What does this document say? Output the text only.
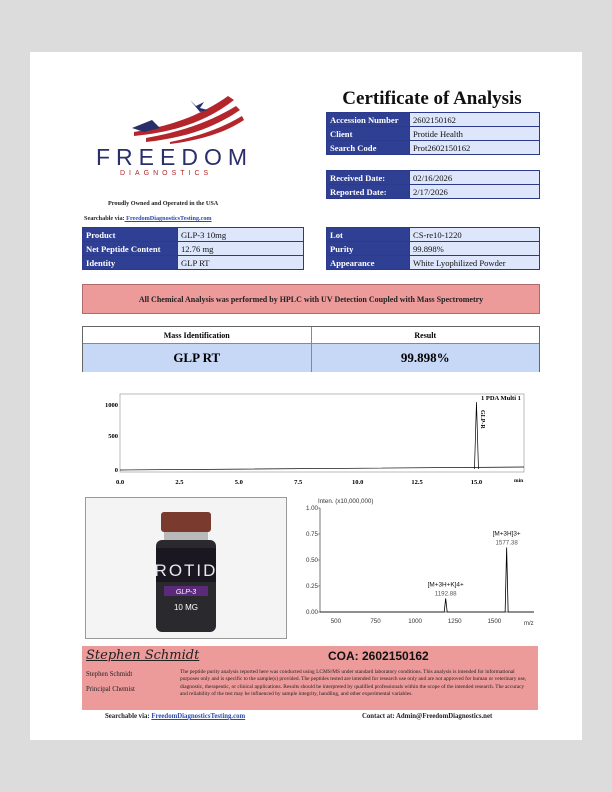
FREEDOM
DIAGNOSTICS
Proudly Owned and Operated in the USA
Searchable via: FreedomDiagnosticsTesting.com
Certificate of Analysis
Accession Number	2602150162
Client	Protide Health
Search Code	Prot2602150162
Received Date:	02/16/2026
Reported Date:	2/17/2026
Product	GLP-3 10mg
Net Peptide Content	12.76 mg
Identity	GLP RT
Lot	CS-re10-1220
Purity	99.898%
Appearance	White Lyophilized Powder
All Chemical Analysis was performed by HPLC with UV Detection Coupled with Mass Spectrometry
Mass Identification	Result
GLP RT	99.898%
1000
500
0
1 PDA Multi 1
GLP-R
0.0	2.5	5.0	7.5	10.0	12.5	15.0	min
ROTID
GLP-3
10 MG
Inten. (x10,000,000)
1.00
0.75
0.50
0.25
0.00
500	750	1000	1250	1500
1192.88
[M+3H+K]4+
1577.38
[M+3H]3+
m/z
Stephen Schmidt	COA: 2602150162
Stephen Schmidt
Principal Chemist
The peptide purity analysis reported here was conducted using LCMS/MS under standard laboratory conditions. This analysis is intended for informational purposes only and is specific to the sample(s) provided. The peptides tested are intended for research use only and are not approved for human or veterinary use, diagnostic, therapeutic, or clinical applications. Results should be interpreted by qualified professionals within the scope of the intended research. The accuracy and reliability of the test may be influenced by sample integrity, handling, and other experimental variables.
Searchable via: FreedomDiagnosticsTesting.com	Contact at: Admin@FreedomDiagnostics.net
